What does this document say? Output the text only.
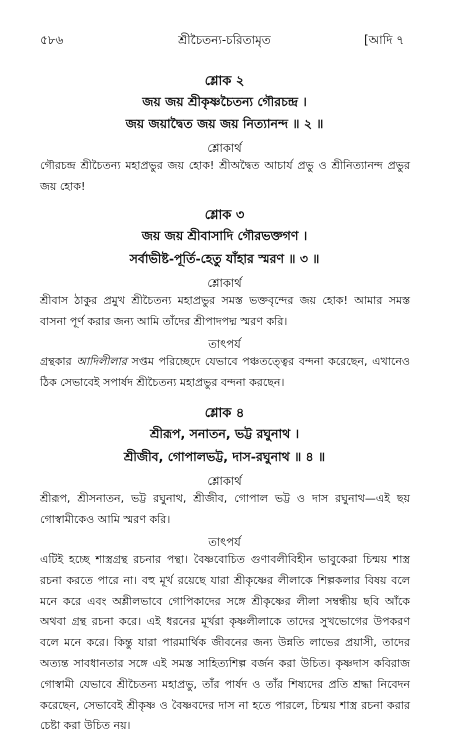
৫৮৬	শ্রীচৈতন্য-চরিতামৃত	[আদি ৭
শ্লোক ২
জয় জয় শ্রীকৃষ্ণচৈতন্য গৌরচন্দ্র ।
জয় জয়াদ্বৈত জয় জয় নিত্যানন্দ ॥ ২ ॥
শ্লোকার্থ
গৌরচন্দ্র শ্রীচৈতন্য মহাপ্রভুর জয় হোক! শ্রীঅদ্বৈত আচার্য প্রভু ও শ্রীনিত্যানন্দ প্রভুর জয় হোক!
শ্লোক ৩
জয় জয় শ্রীবাসাদি গৌরভক্তগণ ।
সর্বাভীষ্ট-পূর্তি-হেতু যাঁহার স্মরণ ॥ ৩ ॥
শ্লোকার্থ
শ্রীবাস ঠাকুর প্রমুখ শ্রীচৈতন্য মহাপ্রভুর সমস্ত ভক্তবৃন্দের জয় হোক! আমার সমস্ত বাসনা পূর্ণ করার জন্য আমি তাঁদের শ্রীপাদপদ্ম স্মরণ করি।
তাৎপর্য
গ্রন্থকার আদিলীলার সপ্তম পরিচ্ছেদে যেভাবে পঞ্চতত্ত্বের বন্দনা করেছেন, এখানেও ঠিক সেভাবেই সপার্ষদ শ্রীচৈতন্য মহাপ্রভুর বন্দনা করছেন।
শ্লোক ৪
শ্রীরূপ, সনাতন, ভট্ট রঘুনাথ ।
শ্রীজীব, গোপালভট্ট, দাস-রঘুনাথ ॥ ৪ ॥
শ্লোকার্থ
শ্রীরূপ, শ্রীসনাতন, ভট্ট রঘুনাথ, শ্রীজীব, গোপাল ভট্ট ও দাস রঘুনাথ—এই ছয় গোস্বামীকেও আমি স্মরণ করি।
তাৎপর্য
এটিই হচ্ছে শাস্ত্রগ্রন্থ রচনার পন্থা। বৈষ্ণবোচিত গুণাবলীবিহীন ভাবুকেরা চিন্ময় শাস্ত্র রচনা করতে পারে না। বহু মূর্খ রয়েছে যারা শ্রীকৃষ্ণের লীলাকে শিল্পকলার বিষয় বলে মনে করে এবং অশ্লীলভাবে গোপিকাদের সঙ্গে শ্রীকৃষ্ণের লীলা সম্বন্ধীয় ছবি আঁকে অথবা গ্রন্থ রচনা করে। এই ধরনের মূর্খরা কৃষ্ণলীলাকে তাদের সুখভোগের উপকরণ বলে মনে করে। কিন্তু যারা পারমার্থিক জীবনের জন্য উন্নতি লাভের প্রয়াসী, তাদের অত্যন্ত সাবধানতার সঙ্গে এই সমস্ত সাহিত্যশিল্প বর্জন করা উচিত। কৃষ্ণদাস কবিরাজ গোস্বামী যেভাবে শ্রীচৈতন্য মহাপ্রভু, তাঁর পার্ষদ ও তাঁর শিষ্যদের প্রতি শ্রদ্ধা নিবেদন করেছেন, সেভাবেই শ্রীকৃষ্ণ ও বৈষ্ণবদের দাস না হতে পারলে, চিন্ময় শাস্ত্র রচনা করার চেষ্টা করা উচিত নয়।
